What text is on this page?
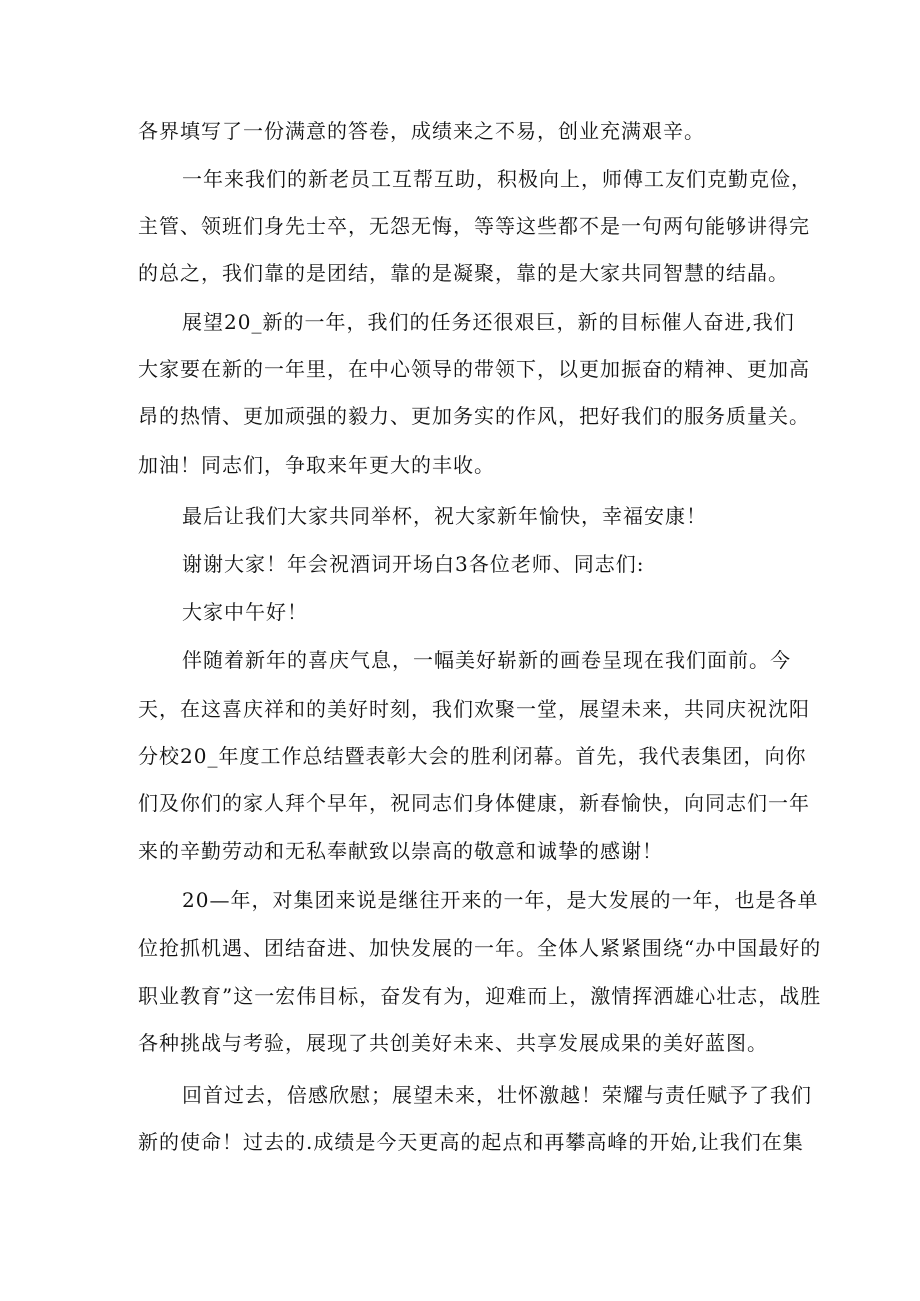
各界填写了一份满意的答卷，成绩来之不易，创业充满艰辛。
一年来我们的新老员工互帮互助，积极向上，师傅工友们克勤克俭，
主管、领班们身先士卒，无怨无悔，等等这些都不是一句两句能够讲得完
的总之，我们靠的是团结，靠的是凝聚，靠的是大家共同智慧的结晶。
展望20_新的一年，我们的任务还很艰巨，新的目标催人奋进,我们
大家要在新的一年里，在中心领导的带领下，以更加振奋的精神、更加高
昂的热情、更加顽强的毅力、更加务实的作风，把好我们的服务质量关。
加油！同志们，争取来年更大的丰收。
最后让我们大家共同举杯，祝大家新年愉快，幸福安康！
谢谢大家！年会祝酒词开场白3各位老师、同志们:
大家中午好！
伴随着新年的喜庆气息，一幅美好崭新的画卷呈现在我们面前。今
天，在这喜庆祥和的美好时刻，我们欢聚一堂，展望未来，共同庆祝沈阳
分校20_年度工作总结暨表彰大会的胜利闭幕。首先，我代表集团，向你
们及你们的家人拜个早年，祝同志们身体健康，新春愉快，向同志们一年
来的辛勤劳动和无私奉献致以崇高的敬意和诚挚的感谢！
20—年，对集团来说是继往开来的一年，是大发展的一年，也是各单
位抢抓机遇、团结奋进、加快发展的一年。全体人紧紧围绕“办中国最好的
职业教育”这一宏伟目标，奋发有为，迎难而上，激情挥洒雄心壮志，战胜
各种挑战与考验，展现了共创美好未来、共享发展成果的美好蓝图。
回首过去，倍感欣慰；展望未来，壮怀激越！荣耀与责任赋予了我们
新的使命！过去的.成绩是今天更高的起点和再攀高峰的开始,让我们在集
